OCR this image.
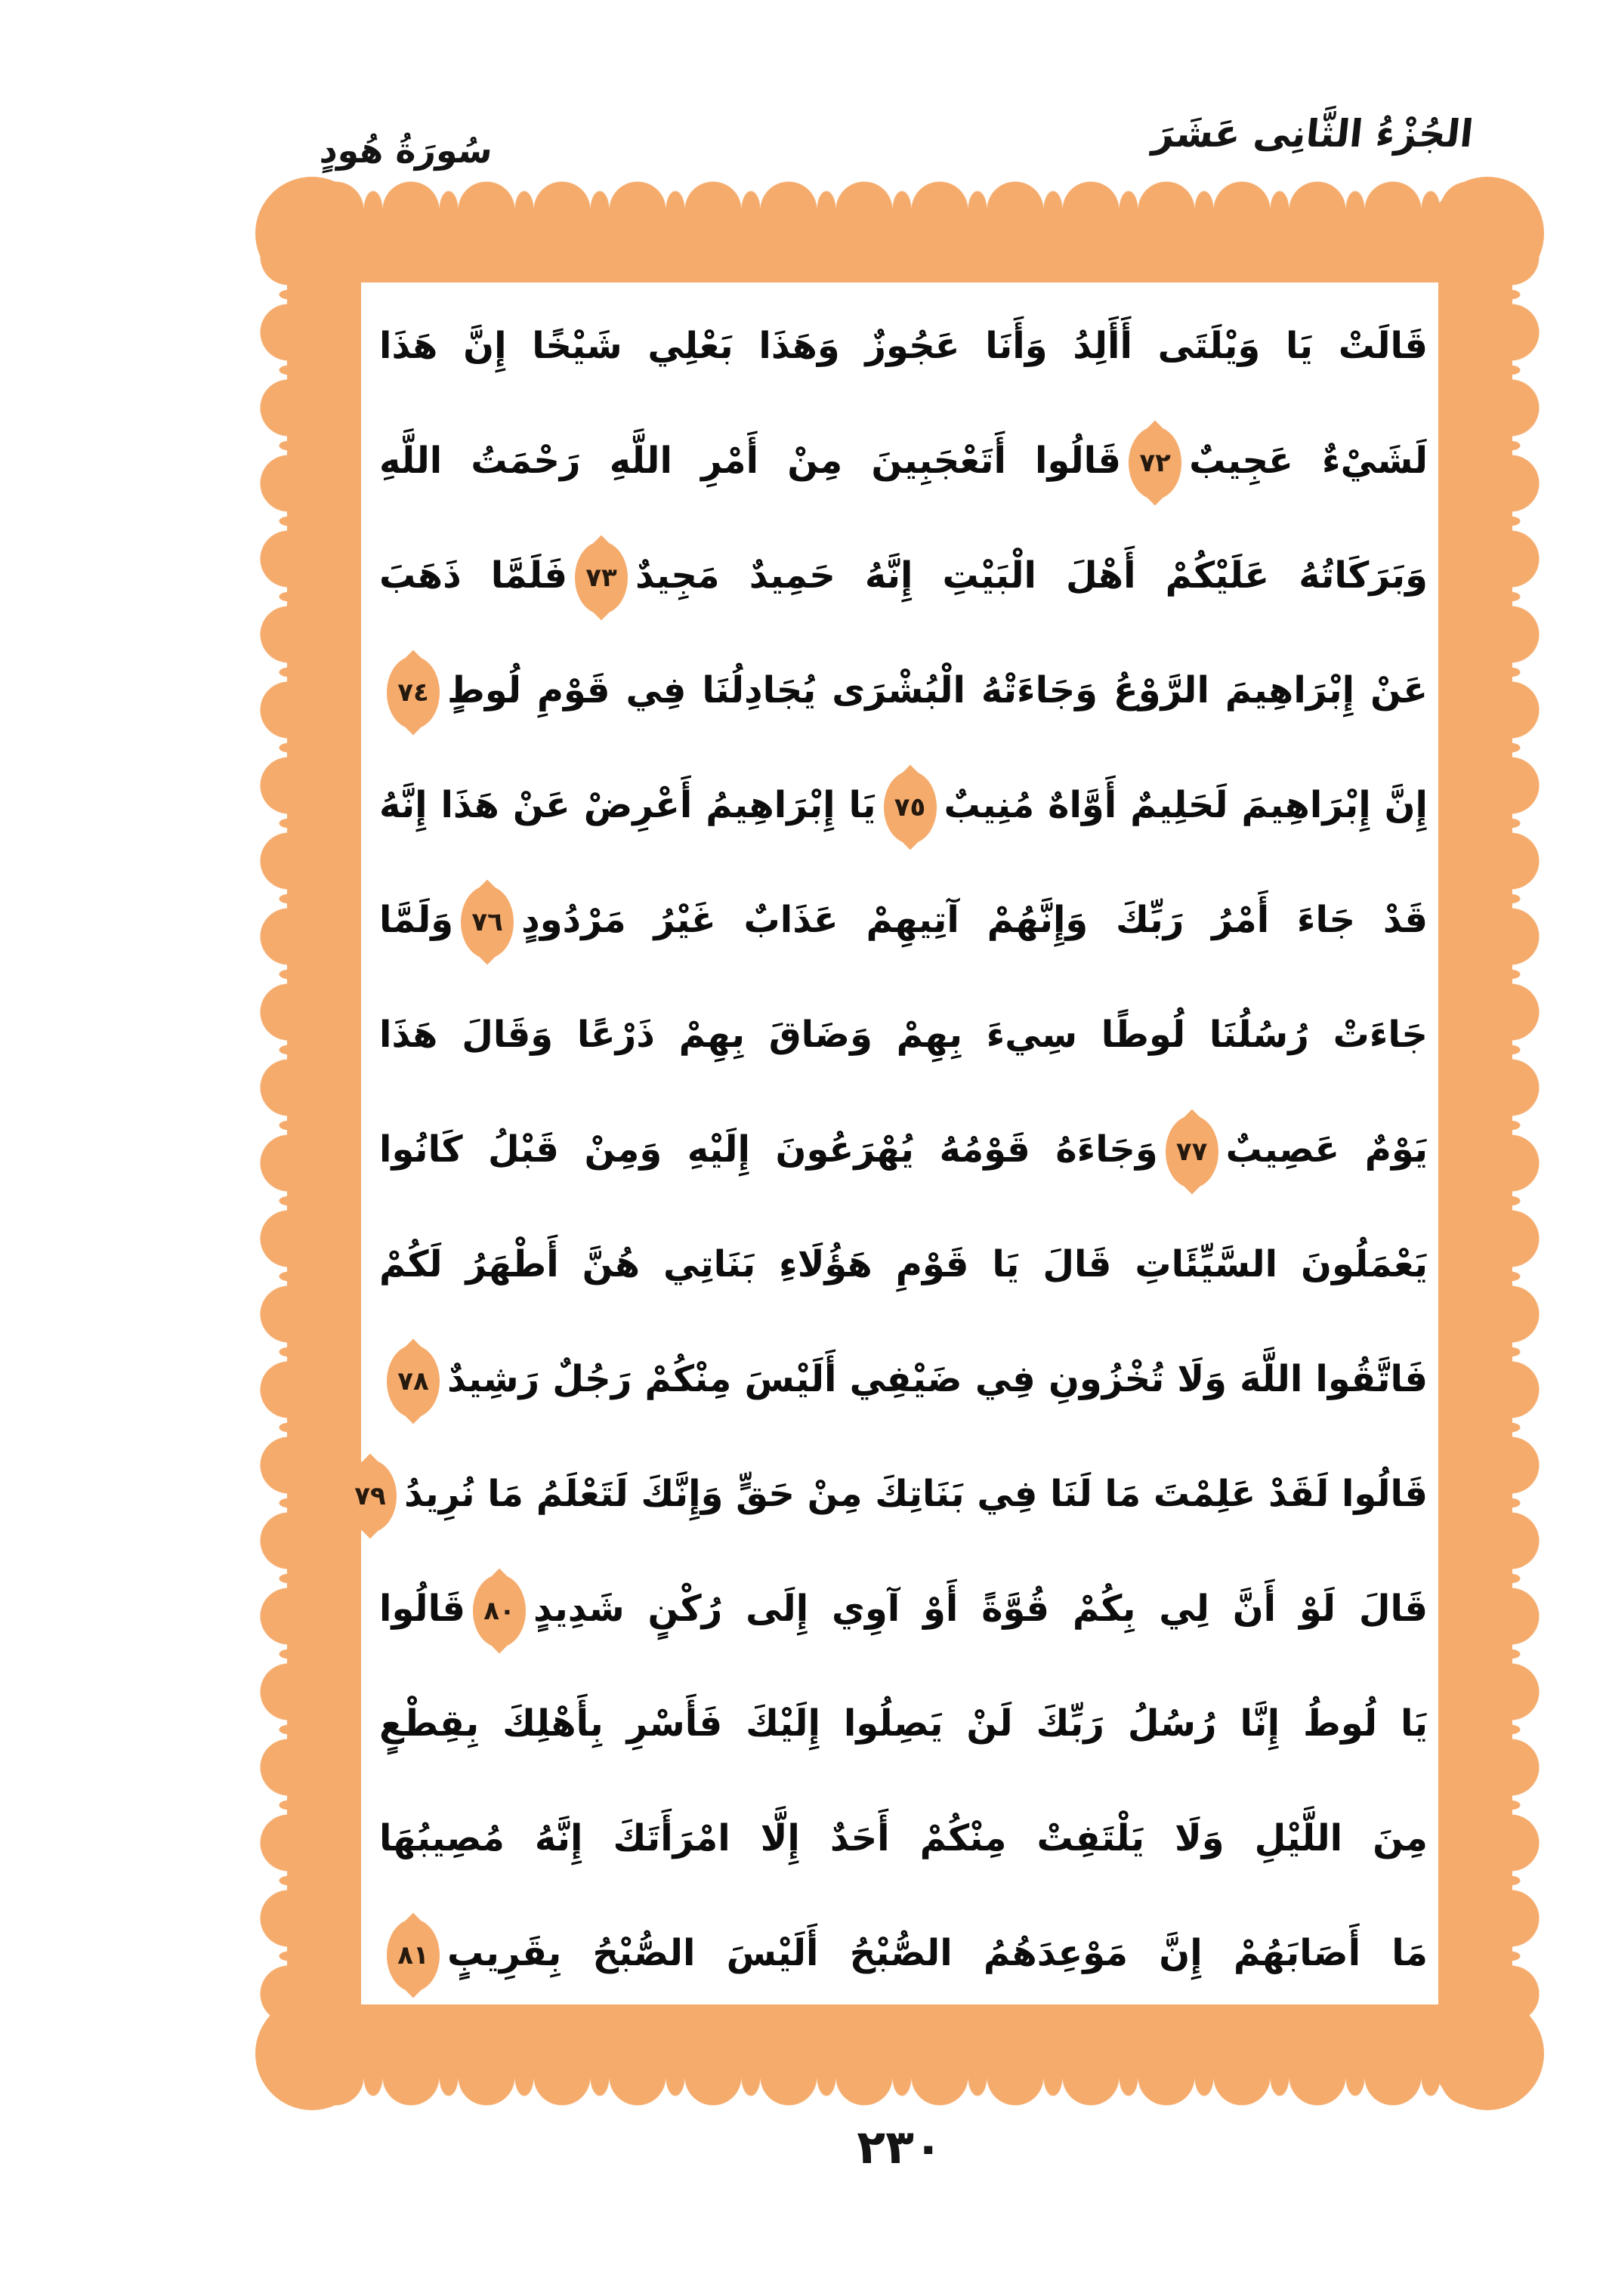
الجُزْءُ الثَّانِى عَشَرَ
سُورَةُ هُودٍ
قَالَتْ يَا وَيْلَتَى أَأَلِدُ وَأَنَا عَجُوزٌ وَهَذَا بَعْلِي شَيْخًا إِنَّ هَذَا
لَشَيْءٌ عَجِيبٌ
٧٢
قَالُوا أَتَعْجَبِينَ مِنْ أَمْرِ اللَّهِ رَحْمَتُ اللَّهِ
وَبَرَكَاتُهُ عَلَيْكُمْ أَهْلَ الْبَيْتِ إِنَّهُ حَمِيدٌ مَجِيدٌ
٧٣
فَلَمَّا ذَهَبَ
عَنْ إِبْرَاهِيمَ الرَّوْعُ وَجَاءَتْهُ الْبُشْرَى يُجَادِلُنَا فِي قَوْمِ لُوطٍ
٧٤
إِنَّ إِبْرَاهِيمَ لَحَلِيمٌ أَوَّاهٌ مُنِيبٌ
٧٥
يَا إِبْرَاهِيمُ أَعْرِضْ عَنْ هَذَا إِنَّهُ
قَدْ جَاءَ أَمْرُ رَبِّكَ وَإِنَّهُمْ آتِيهِمْ عَذَابٌ غَيْرُ مَرْدُودٍ
٧٦
وَلَمَّا
جَاءَتْ رُسُلُنَا لُوطًا سِيءَ بِهِمْ وَضَاقَ بِهِمْ ذَرْعًا وَقَالَ هَذَا
يَوْمٌ عَصِيبٌ
٧٧
وَجَاءَهُ قَوْمُهُ يُهْرَعُونَ إِلَيْهِ وَمِنْ قَبْلُ كَانُوا
يَعْمَلُونَ السَّيِّئَاتِ قَالَ يَا قَوْمِ هَؤُلَاءِ بَنَاتِي هُنَّ أَطْهَرُ لَكُمْ
فَاتَّقُوا اللَّهَ وَلَا تُخْزُونِ فِي ضَيْفِي أَلَيْسَ مِنْكُمْ رَجُلٌ رَشِيدٌ
٧٨
قَالُوا لَقَدْ عَلِمْتَ مَا لَنَا فِي بَنَاتِكَ مِنْ حَقٍّ وَإِنَّكَ لَتَعْلَمُ مَا نُرِيدُ
٧٩
قَالَ لَوْ أَنَّ لِي بِكُمْ قُوَّةً أَوْ آوِي إِلَى رُكْنٍ شَدِيدٍ
٨٠
قَالُوا
يَا لُوطُ إِنَّا رُسُلُ رَبِّكَ لَنْ يَصِلُوا إِلَيْكَ فَأَسْرِ بِأَهْلِكَ بِقِطْعٍ
مِنَ اللَّيْلِ وَلَا يَلْتَفِتْ مِنْكُمْ أَحَدٌ إِلَّا امْرَأَتَكَ إِنَّهُ مُصِيبُهَا
مَا أَصَابَهُمْ إِنَّ مَوْعِدَهُمُ الصُّبْحُ أَلَيْسَ الصُّبْحُ بِقَرِيبٍ
٨١
٢٣٠
